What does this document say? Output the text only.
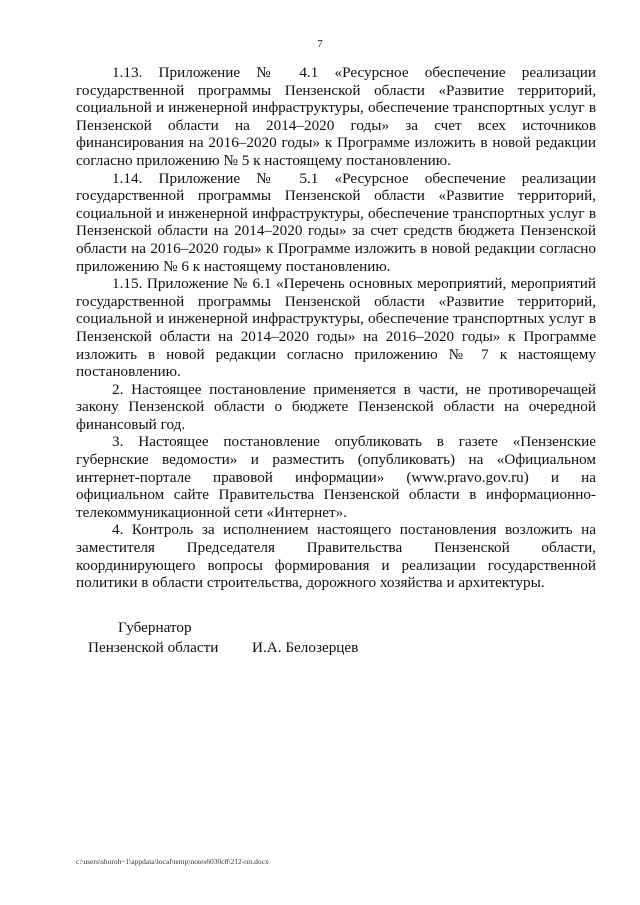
7

1.13. Приложение № 4.1 «Ресурсное обеспечение реализации государственной программы Пензенской области «Развитие территорий, социальной и инженерной инфраструктуры, обеспечение транспортных услуг в Пензенской области на 2014–2020 годы» за счет всех источников финансирования на 2016–2020 годы» к Программе изложить в новой редакции согласно приложению № 5 к настоящему постановлению.

1.14. Приложение № 5.1 «Ресурсное обеспечение реализации государственной программы Пензенской области «Развитие территорий, социальной и инженерной инфраструктуры, обеспечение транспортных услуг в Пензенской области на 2014–2020 годы» за счет средств бюджета Пензенской области на 2016–2020 годы» к Программе изложить в новой редакции согласно приложению № 6 к настоящему постановлению.

1.15. Приложение № 6.1 «Перечень основных мероприятий, мероприятий государственной программы Пензенской области «Развитие территорий, социальной и инженерной инфраструктуры, обеспечение транспортных услуг в Пензенской области на 2014–2020 годы» на 2016–2020 годы» к Программе изложить в новой редакции согласно приложению № 7 к настоящему постановлению.

2. Настоящее постановление применяется в части, не противоречащей закону Пензенской области о бюджете Пензенской области на очередной финансовый год.

3. Настоящее постановление опубликовать в газете «Пензенские губернские ведомости» и разместить (опубликовать) на «Официальном интернет-портале правовой информации» (www.pravo.gov.ru) и на официальном сайте Правительства Пензенской области в информационно-телекоммуникационной сети «Интернет».

4. Контроль за исполнением настоящего постановления возложить на заместителя Председателя Правительства Пензенской области, координирующего вопросы формирования и реализации государственной политики в области строительства, дорожного хозяйства и архитектуры.

Губернатор
Пензенской области И.А. Белозерцев
c:\users\shoroh~1\appdata\local\temp\notes6030c8\212-пп.docx
